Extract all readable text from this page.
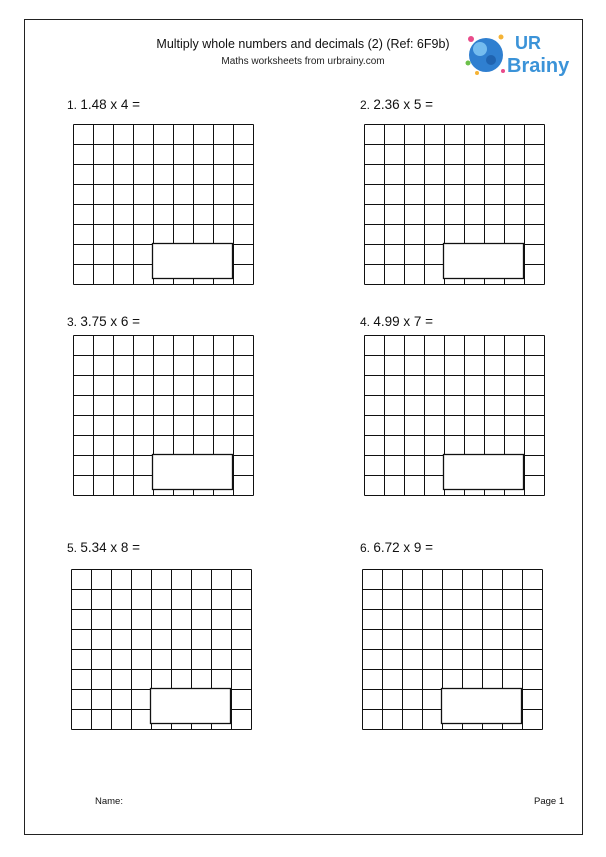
Multiply whole numbers and decimals (2) (Ref: 6F9b)
Maths worksheets from urbrainy.com
UR
Brainy
1. 1.48 x 4 =	2. 2.36 x 5 =
3. 3.75 x 6 =	4. 4.99 x 7 =
5. 5.34 x 8 =	6. 6.72 x 9 =
Name:	Page 1
